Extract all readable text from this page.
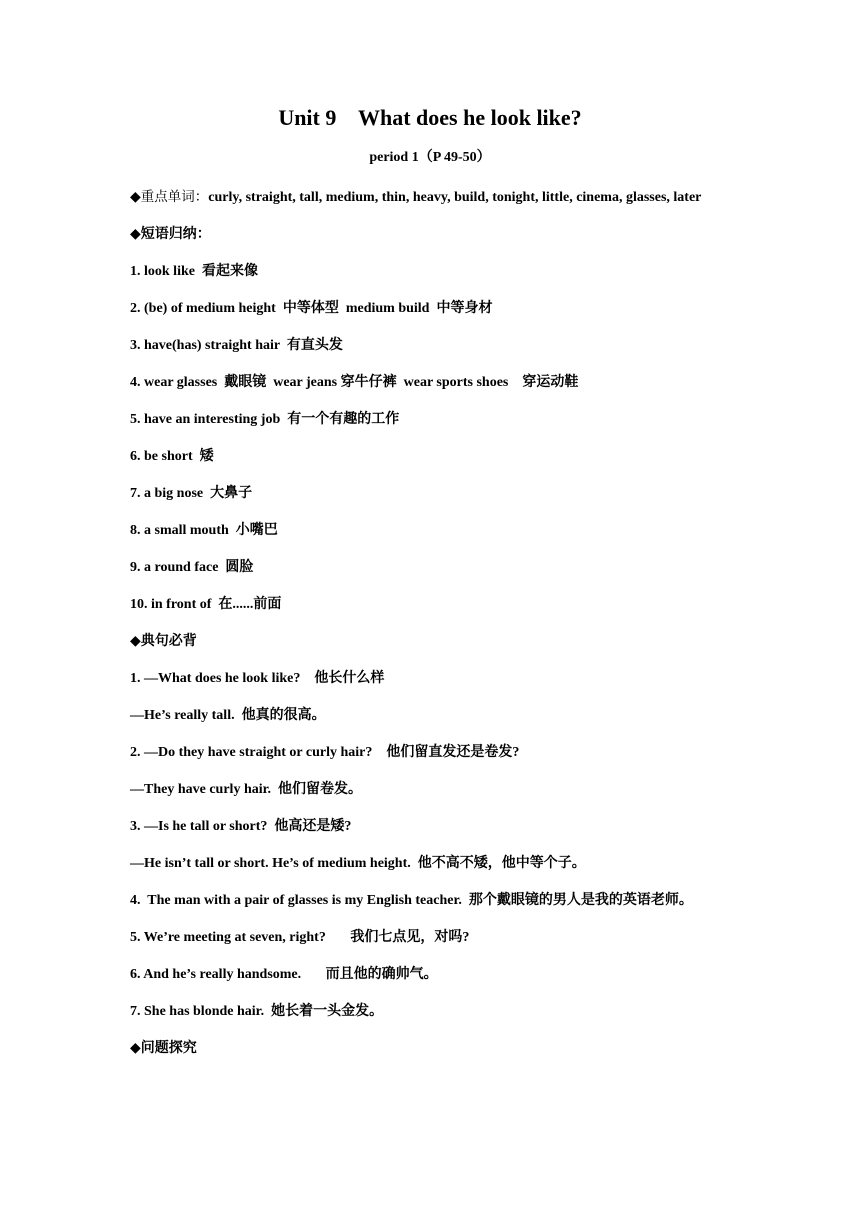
Unit 9    What does he look like?
period 1（P 49-50）

◆重点单词：curly, straight, tall, medium, thin, heavy, build, tonight, little, cinema, glasses, later

◆短语归纳：

1. look like  看起来像

2. (be) of medium height  中等体型  medium build  中等身材

3. have(has) straight hair  有直头发

4. wear glasses  戴眼镜  wear jeans 穿牛仔裤  wear sports shoes    穿运动鞋

5. have an interesting job  有一个有趣的工作

6. be short  矮

7. a big nose  大鼻子

8. a small mouth  小嘴巴

9. a round face  圆脸

10. in front of  在......前面

◆典句必背

1. —What does he look like?    他长什么样

—He’s really tall.  他真的很高。

2. —Do they have straight or curly hair?    他们留直发还是卷发?

—They have curly hair.  他们留卷发。

3. —Is he tall or short?  他高还是矮?

—He isn’t tall or short. He’s of medium height.  他不高不矮，他中等个子。

4.  The man with a pair of glasses is my English teacher.  那个戴眼镜的男人是我的英语老师。

5. We’re meeting at seven, right?       我们七点见，对吗?

6. And he’s really handsome.       而且他的确帅气。

7. She has blonde hair.  她长着一头金发。

◆问题探究
